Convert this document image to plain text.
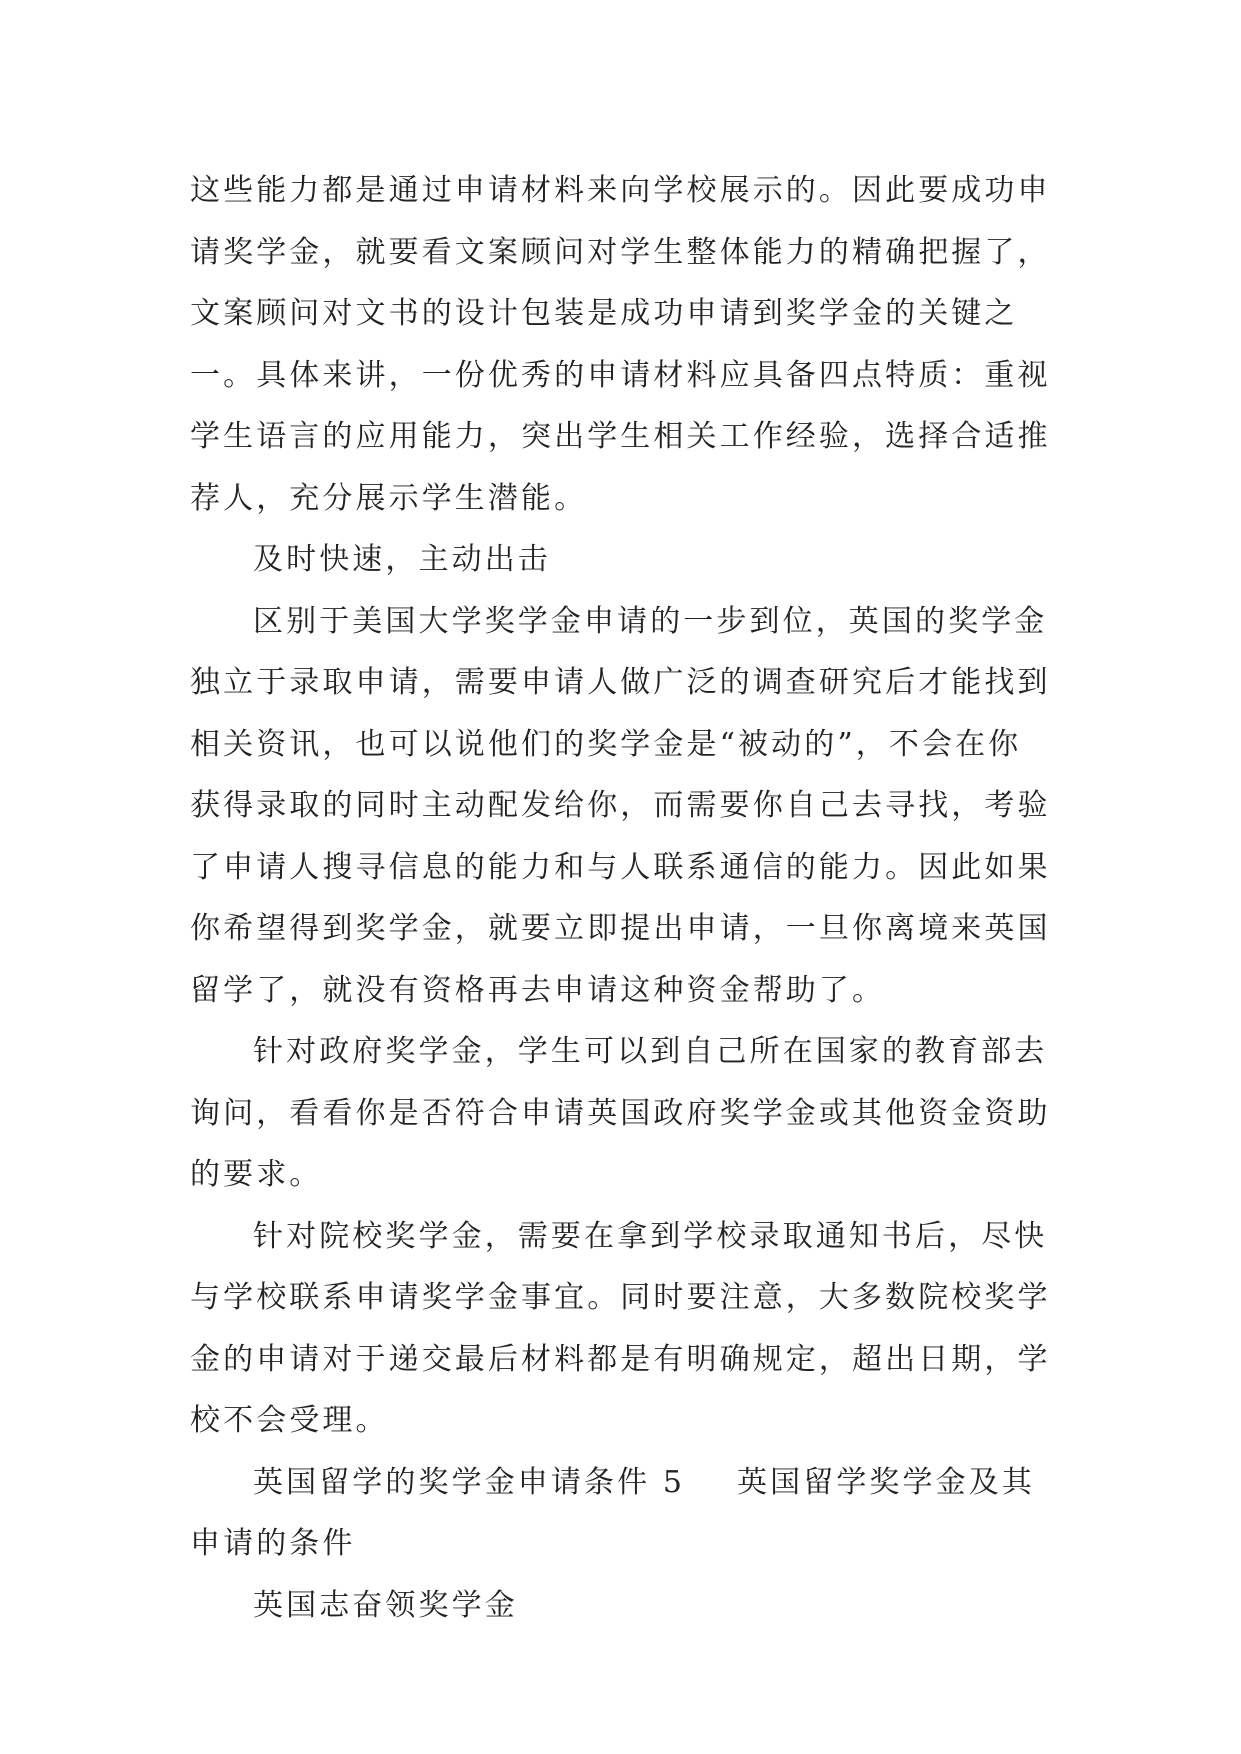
这些能力都是通过申请材料来向学校展示的。因此要成功申
请奖学金，就要看文案顾问对学生整体能力的精确把握了，
文案顾问对文书的设计包装是成功申请到奖学金的关键之
一。具体来讲，一份优秀的申请材料应具备四点特质：重视
学生语言的应用能力，突出学生相关工作经验，选择合适推
荐人，充分展示学生潜能。
及时快速，主动出击
区别于美国大学奖学金申请的一步到位，英国的奖学金
独立于录取申请，需要申请人做广泛的调查研究后才能找到
相关资讯，也可以说他们的奖学金是“被动的”，不会在你
获得录取的同时主动配发给你，而需要你自己去寻找，考验
了申请人搜寻信息的能力和与人联系通信的能力。因此如果
你希望得到奖学金，就要立即提出申请，一旦你离境来英国
留学了，就没有资格再去申请这种资金帮助了。
针对政府奖学金，学生可以到自己所在国家的教育部去
询问，看看你是否符合申请英国政府奖学金或其他资金资助
的要求。
针对院校奖学金，需要在拿到学校录取通知书后，尽快
与学校联系申请奖学金事宜。同时要注意，大多数院校奖学
金的申请对于递交最后材料都是有明确规定，超出日期，学
校不会受理。
英国留学的奖学金申请条件 5 英国留学奖学金及其
申请的条件
英国志奋领奖学金
